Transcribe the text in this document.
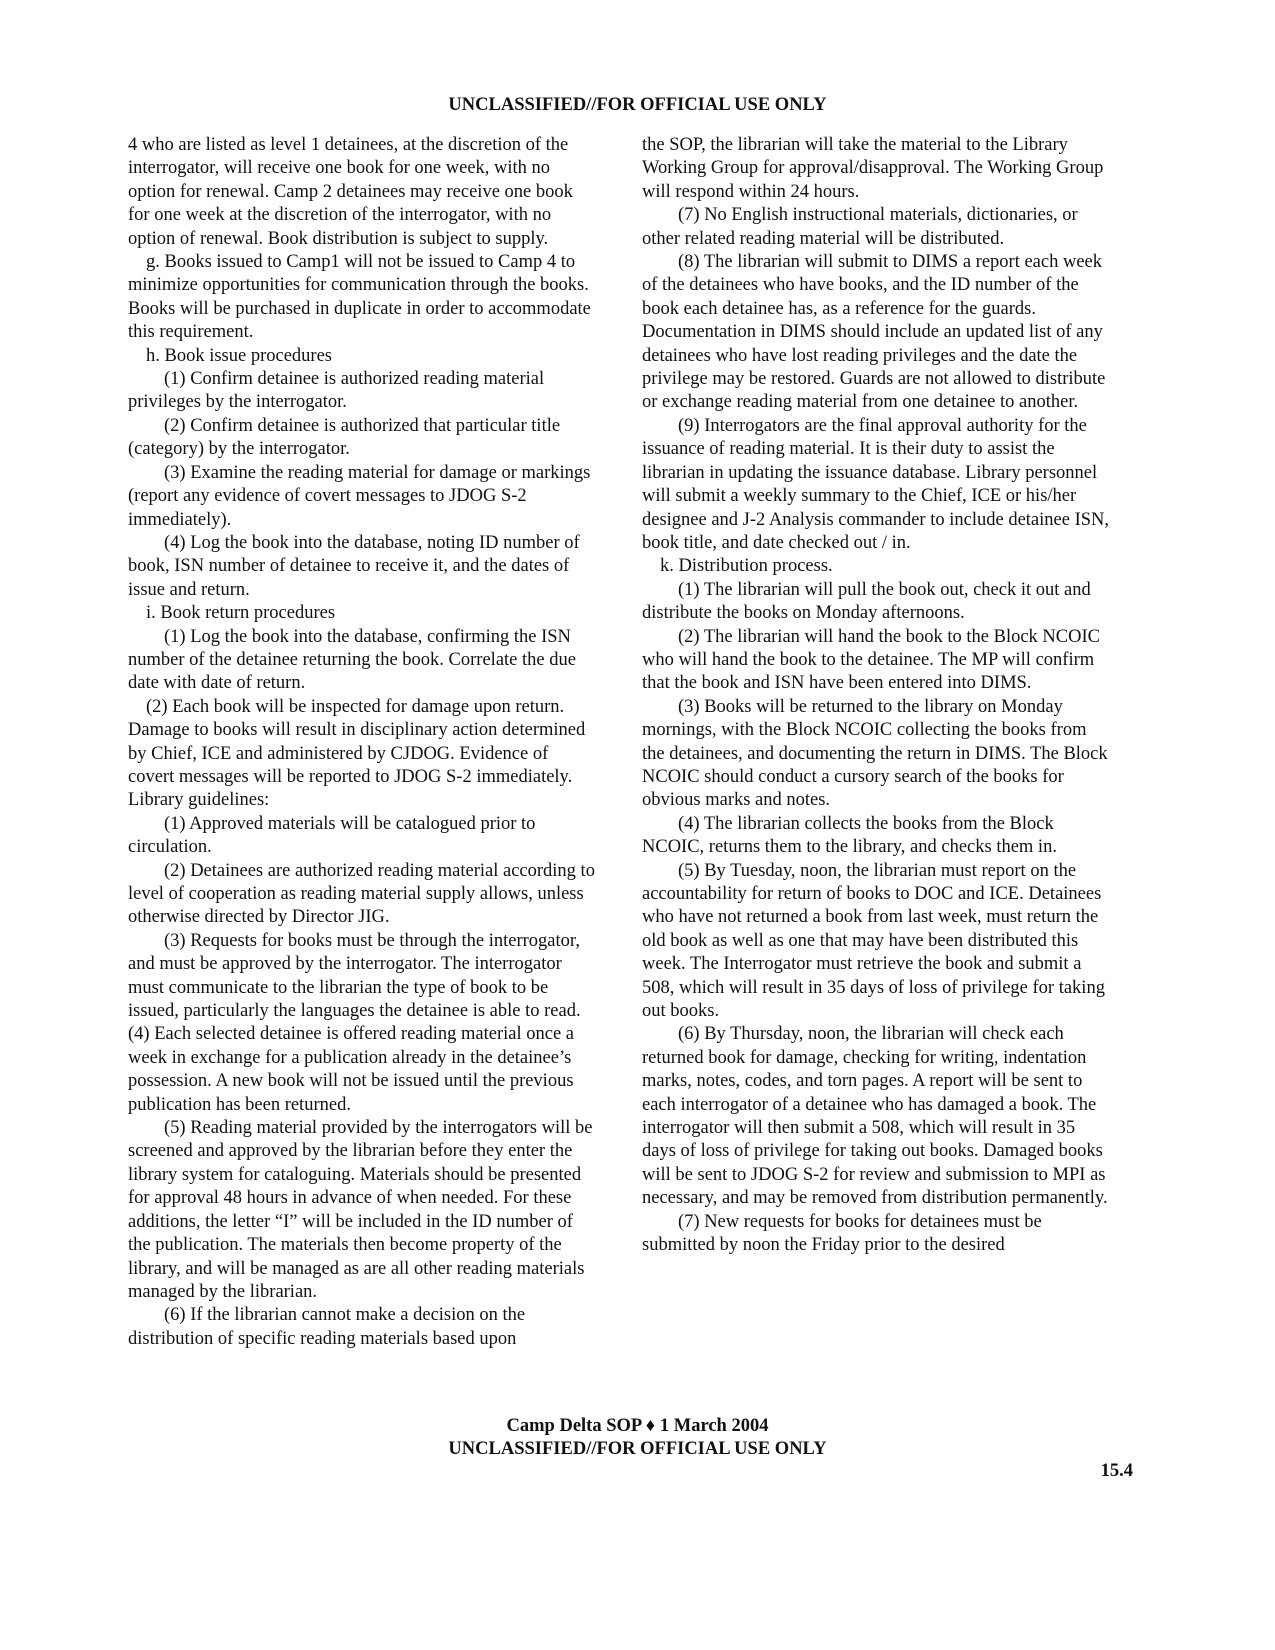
UNCLASSIFIED//FOR OFFICIAL USE ONLY

4 who are listed as level 1 detainees, at the discretion of the interrogator, will receive one book for one week, with no option for renewal. Camp 2 detainees may receive one book for one week at the discretion of the interrogator, with no option of renewal. Book distribution is subject to supply.

g. Books issued to Camp1 will not be issued to Camp 4 to minimize opportunities for communication through the books. Books will be purchased in duplicate in order to accommodate this requirement.

h. Book issue procedures

(1) Confirm detainee is authorized reading material privileges by the interrogator.

(2) Confirm detainee is authorized that particular title (category) by the interrogator.

(3) Examine the reading material for damage or markings (report any evidence of covert messages to JDOG S-2 immediately).

(4) Log the book into the database, noting ID number of book, ISN number of detainee to receive it, and the dates of issue and return.

i. Book return procedures

(1) Log the book into the database, confirming the ISN number of the detainee returning the book. Correlate the due date with date of return.

(2) Each book will be inspected for damage upon return. Damage to books will result in disciplinary action determined by Chief, ICE and administered by CJDOG. Evidence of covert messages will be reported to JDOG S-2 immediately. Library guidelines:

(1) Approved materials will be catalogued prior to circulation.

(2) Detainees are authorized reading material according to level of cooperation as reading material supply allows, unless otherwise directed by Director JIG.

(3) Requests for books must be through the interrogator, and must be approved by the interrogator. The interrogator must communicate to the librarian the type of book to be issued, particularly the languages the detainee is able to read.(4) Each selected detainee is offered reading material once a week in exchange for a publication already in the detainee’s possession. A new book will not be issued until the previous publication has been returned.

(5) Reading material provided by the interrogators will be screened and approved by the librarian before they enter the library system for cataloguing. Materials should be presented for approval 48 hours in advance of when needed. For these additions, the letter “I” will be included in the ID number of the publication. The materials then become property of the library, and will be managed as are all other reading materials managed by the librarian.

(6) If the librarian cannot make a decision on the distribution of specific reading materials based upon

the SOP, the librarian will take the material to the Library Working Group for approval/disapproval. The Working Group will respond within 24 hours.

(7) No English instructional materials, dictionaries, or other related reading material will be distributed.

(8) The librarian will submit to DIMS a report each week of the detainees who have books, and the ID number of the book each detainee has, as a reference for the guards. Documentation in DIMS should include an updated list of any detainees who have lost reading privileges and the date the privilege may be restored. Guards are not allowed to distribute or exchange reading material from one detainee to another.

(9) Interrogators are the final approval authority for the issuance of reading material. It is their duty to assist the librarian in updating the issuance database. Library personnel will submit a weekly summary to the Chief, ICE or his/her designee and J-2 Analysis commander to include detainee ISN, book title, and date checked out / in.

k. Distribution process.

(1) The librarian will pull the book out, check it out and distribute the books on Monday afternoons.

(2) The librarian will hand the book to the Block NCOIC who will hand the book to the detainee. The MP will confirm that the book and ISN have been entered into DIMS.

(3) Books will be returned to the library on Monday mornings, with the Block NCOIC collecting the books from the detainees, and documenting the return in DIMS. The Block NCOIC should conduct a cursory search of the books for obvious marks and notes.

(4) The librarian collects the books from the Block NCOIC, returns them to the library, and checks them in.

(5) By Tuesday, noon, the librarian must report on the accountability for return of books to DOC and ICE. Detainees who have not returned a book from last week, must return the old book as well as one that may have been distributed this week. The Interrogator must retrieve the book and submit a 508, which will result in 35 days of loss of privilege for taking out books.

(6) By Thursday, noon, the librarian will check each returned book for damage, checking for writing, indentation marks, notes, codes, and torn pages. A report will be sent to each interrogator of a detainee who has damaged a book. The interrogator will then submit a 508, which will result in 35 days of loss of privilege for taking out books. Damaged books will be sent to JDOG S-2 for review and submission to MPI as necessary, and may be removed from distribution permanently.

(7) New requests for books for detainees must be submitted by noon the Friday prior to the desired

Camp Delta SOP ♦ 1 March 2004
UNCLASSIFIED//FOR OFFICIAL USE ONLY
15.4
